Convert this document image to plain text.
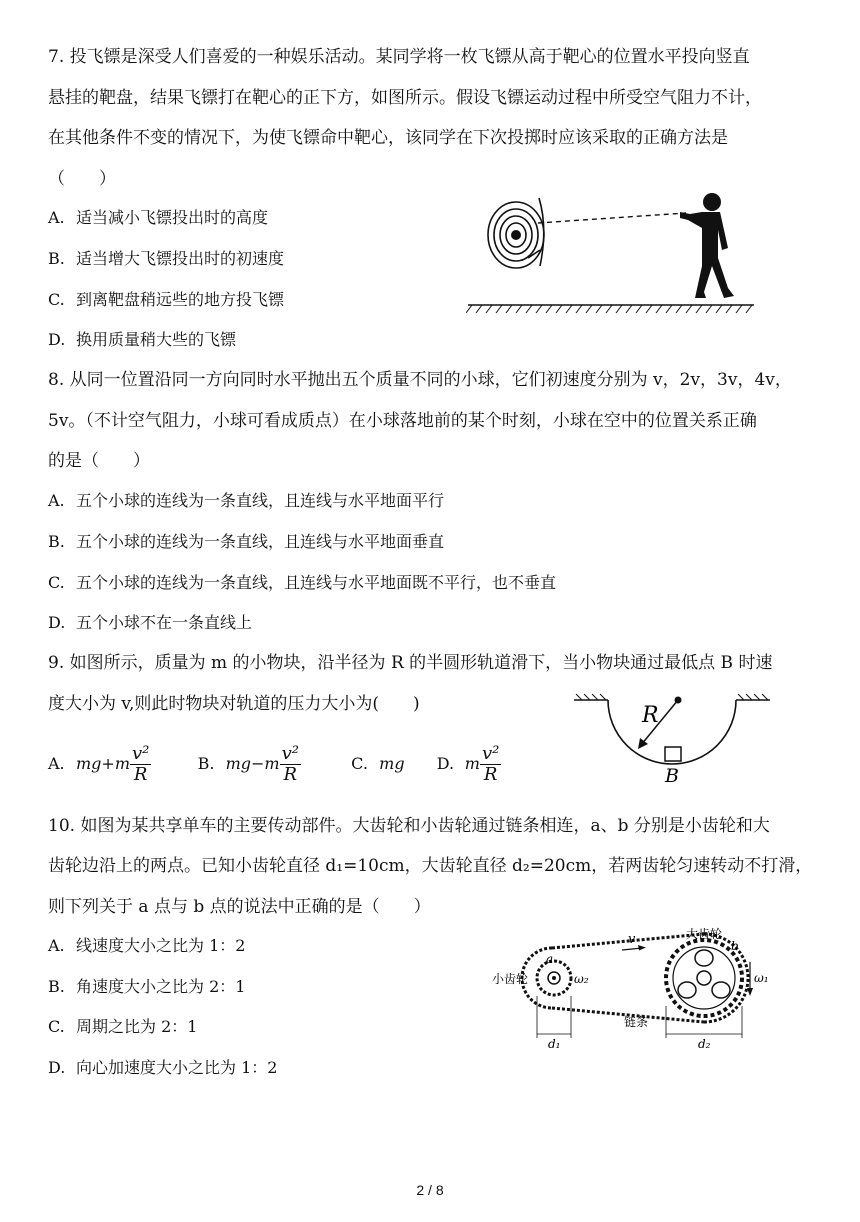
7. 投飞镖是深受人们喜爱的一种娱乐活动。某同学将一枚飞镖从高于靶心的位置水平投向竖直
悬挂的靶盘，结果飞镖打在靶心的正下方，如图所示。假设飞镖运动过程中所受空气阻力不计，
在其他条件不变的情况下，为使飞镖命中靶心，该同学在下次投掷时应该采取的正确方法是
（　　）
A. 适当减小飞镖投出时的高度
B. 适当增大飞镖投出时的初速度
C. 到离靶盘稍远些的地方投飞镖
D. 换用质量稍大些的飞镖
8. 从同一位置沿同一方向同时水平抛出五个质量不同的小球，它们初速度分别为 v，2v，3v，4v，
5v。（不计空气阻力，小球可看成质点）在小球落地前的某个时刻，小球在空中的位置关系正确
的是（　　）
A. 五个小球的连线为一条直线，且连线与水平地面平行
B. 五个小球的连线为一条直线，且连线与水平地面垂直
C. 五个小球的连线为一条直线，且连线与水平地面既不平行，也不垂直
D. 五个小球不在一条直线上
9. 如图所示，质量为 m 的小物块，沿半径为 R 的半圆形轨道滑下，当小物块通过最低点 B 时速
度大小为 v,则此时物块对轨道的压力大小为(　　)
A. $mg+m \frac{\text{v²}}{R}$	B. $mg-m \frac{\text{v²}}{R}$	C. mg D. m $\frac{\text{v²}}{R}$
R
B
10. 如图为某共享单车的主要传动部件。大齿轮和小齿轮通过链条相连，a、b 分别是小齿轮和大
齿轮边沿上的两点。已知小齿轮直径 d₁=10cm，大齿轮直径 d₂=20cm，若两齿轮匀速转动不打滑，
则下列关于 a 点与 b 点的说法中正确的是（　　）
A. 线速度大小之比为 1：2
B. 角速度大小之比为 2：1
C. 周期之比为 2：1
D. 向心加速度大小之比为 1：2
v
ω₁
ω₂
大齿轮
小齿轮
链条
a
b
d₁	d₂
2 / 8
